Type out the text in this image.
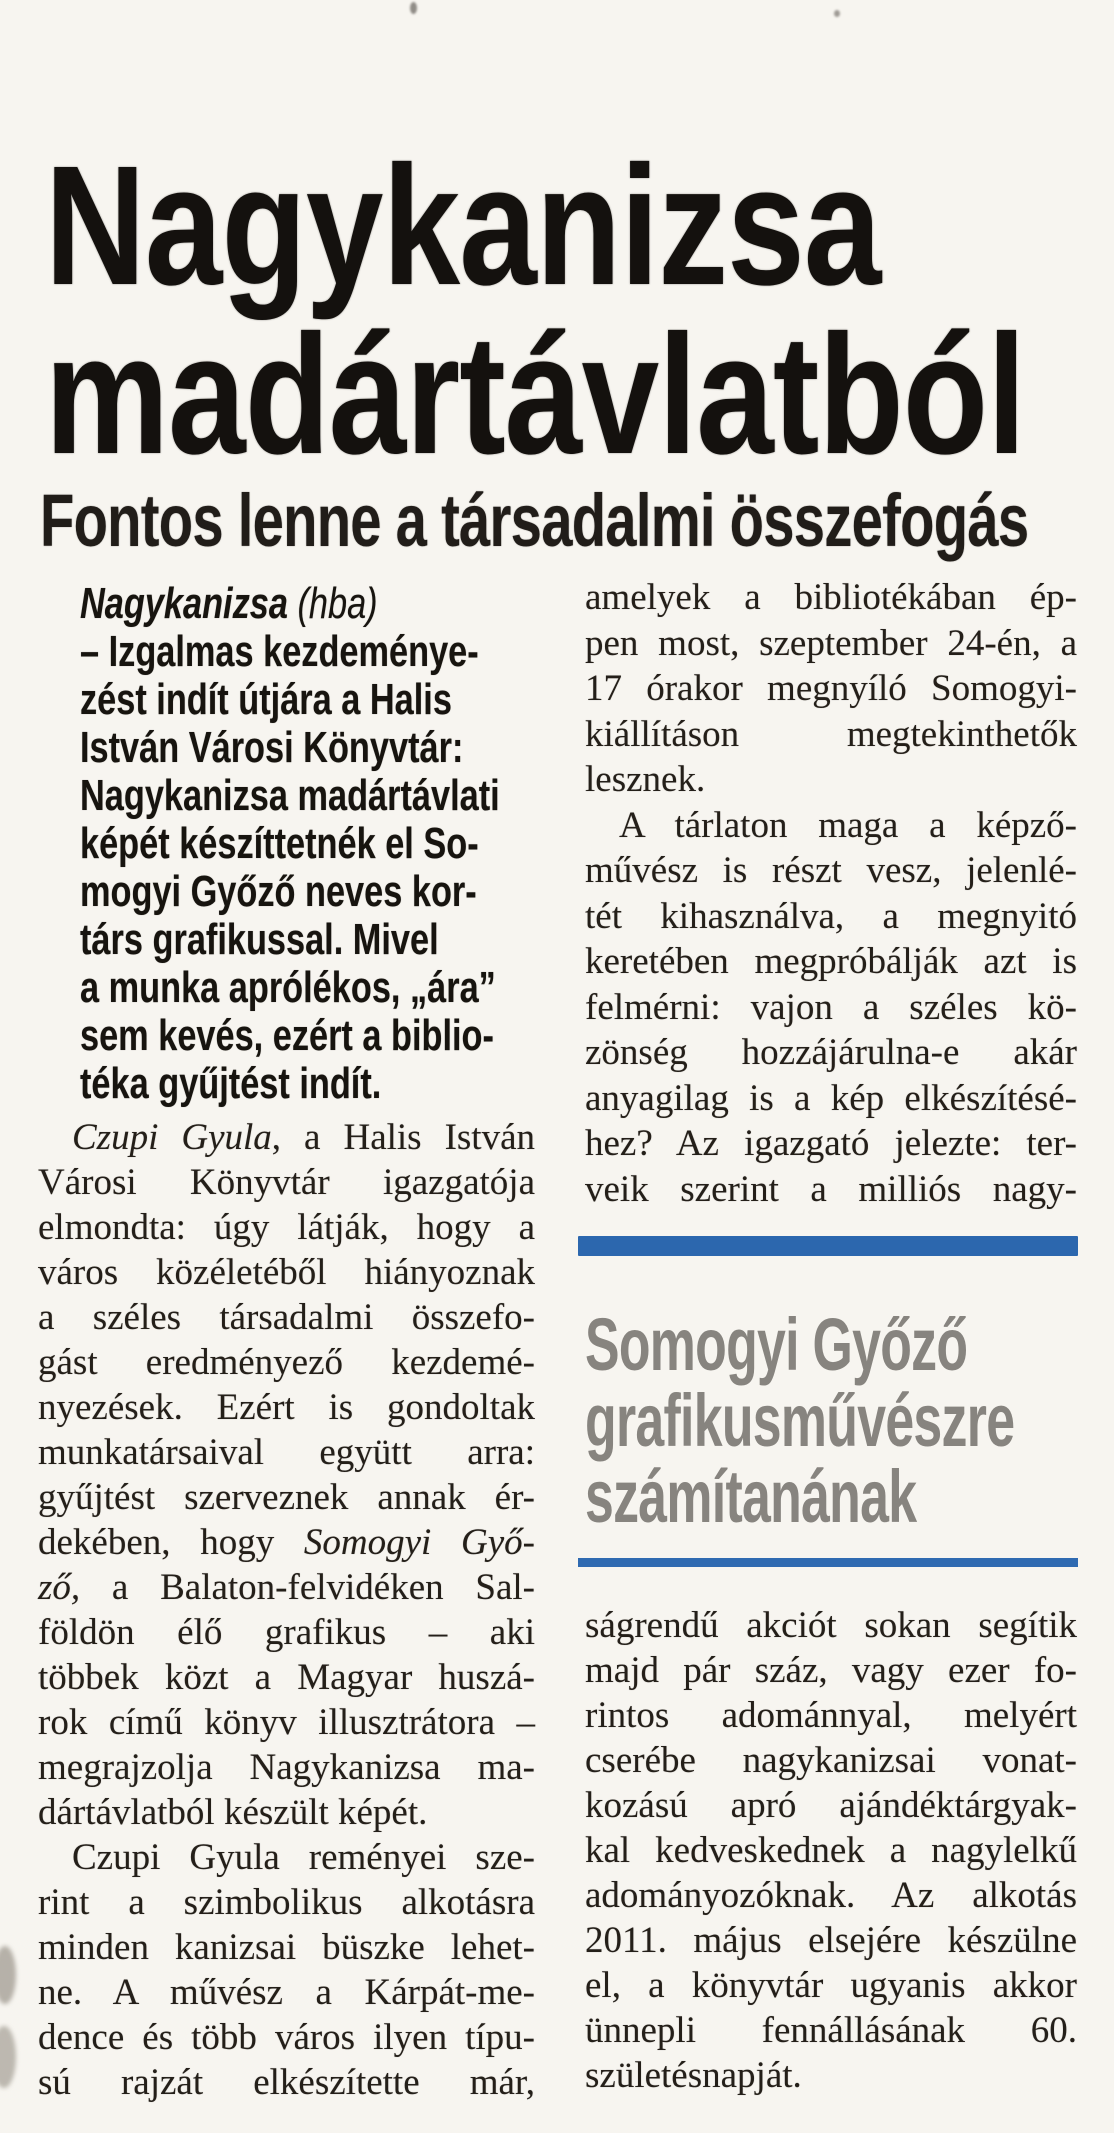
Nagykanizsa
madártávlatból
Fontos lenne a társadalmi összefogás
Nagykanizsa (hba)
– Izgalmas kezdeménye-
zést indít útjára a Halis
István Városi Könyvtár:
Nagykanizsa madártávlati
képét készíttetnék el So-
mogyi Győző neves kor-
társ grafikussal. Mivel
a munka aprólékos, „ára”
sem kevés, ezért a biblio-
téka gyűjtést indít.
Czupi Gyula, a Halis István
Városi Könyvtár igazgatója
elmondta: úgy látják, hogy a
város közéletéből hiányoznak
a széles társadalmi összefo-
gást eredményező kezdemé-
nyezések. Ezért is gondoltak
munkatársaival együtt arra:
gyűjtést szerveznek annak ér-
dekében, hogy Somogyi Győ-
ző, a Balaton-felvidéken Sal-
földön élő grafikus – aki
többek közt a Magyar huszá-
rok című könyv illusztrátora –
megrajzolja Nagykanizsa ma-
dártávlatból készült képét.
Czupi Gyula reményei sze-
rint a szimbolikus alkotásra
minden kanizsai büszke lehet-
ne. A művész a Kárpát-me-
dence és több város ilyen típu-
sú rajzát elkészítette már,
amelyek a bibliotékában ép-
pen most, szeptember 24-én, a
17 órakor megnyíló Somogyi-
kiállításon megtekinthetők
lesznek.
A tárlaton maga a képző-
művész is részt vesz, jelenlé-
tét kihasználva, a megnyitó
keretében megpróbálják azt is
felmérni: vajon a széles kö-
zönség hozzájárulna-e akár
anyagilag is a kép elkészítésé-
hez? Az igazgató jelezte: ter-
veik szerint a milliós nagy-
Somogyi Győző
grafikusművészre
számítanának
ságrendű akciót sokan segítik
majd pár száz, vagy ezer fo-
rintos adománnyal, melyért
cserébe nagykanizsai vonat-
kozású apró ajándéktárgyak-
kal kedveskednek a nagylelkű
adományozóknak. Az alkotás
2011. május elsejére készülne
el, a könyvtár ugyanis akkor
ünnepli fennállásának 60.
születésnapját.
